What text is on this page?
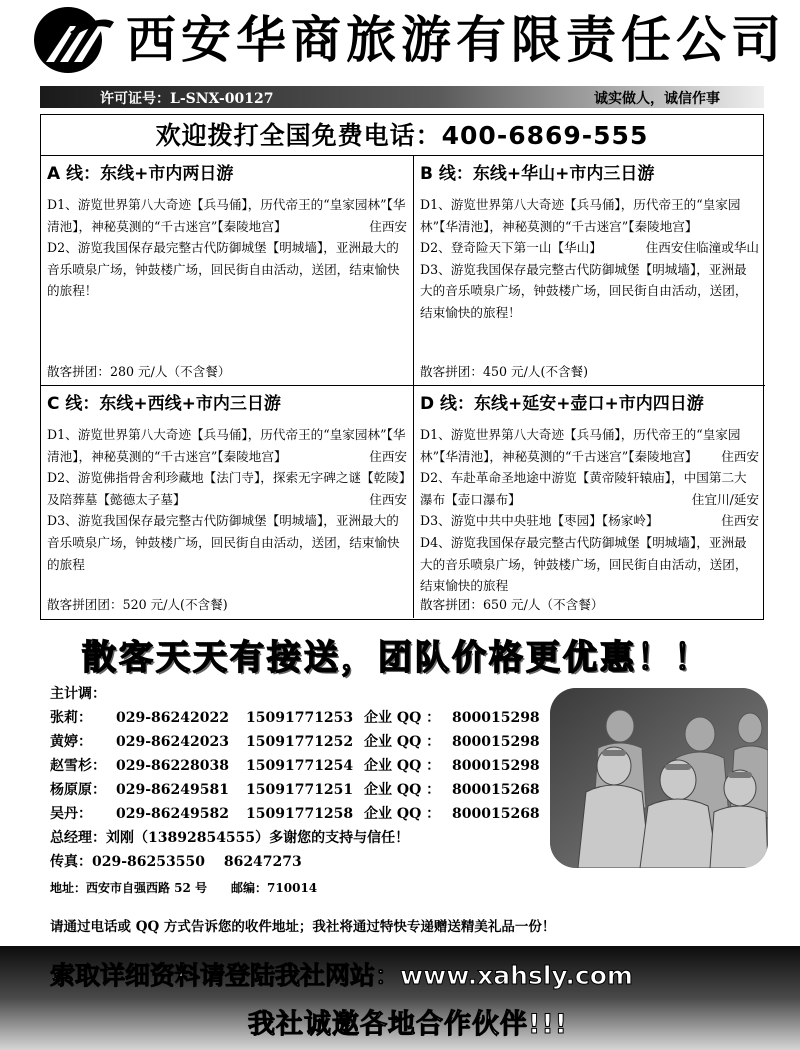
西安华商旅游有限责任公司
许可证号：L-SNX-00127	诚实做人，诚信作事
欢迎拨打全国免费电话：400-6869-555
A 线：东线+市内两日游
D1、游览世界第八大奇迹【兵马俑】，历代帝王的“皇家园林”【华清池】，神秘莫测的“千古迷宫”【秦陵地宫】	住西安
D2、游览我国保存最完整古代防御城堡【明城墙】，亚洲最大的音乐喷泉广场，钟鼓楼广场，回民街自由活动，送团，结束愉快的旅程！
散客拼团：280 元/人（不含餐）
B 线：东线+华山+市内三日游
D1、游览世界第八大奇迹【兵马俑】，历代帝王的“皇家园林”【华清池】，神秘莫测的“千古迷宫”【秦陵地宫】
住临潼或华山
D2、登奇险天下第一山【华山】	住西安
D3、游览我国保存最完整古代防御城堡【明城墙】，亚洲最大的音乐喷泉广场，钟鼓楼广场，回民街自由活动，送团，结束愉快的旅程！
散客拼团：450 元/人(不含餐)
C 线：东线+西线+市内三日游
D1、游览世界第八大奇迹【兵马俑】，历代帝王的“皇家园林”【华清池】，神秘莫测的“千古迷宫”【秦陵地宫】	住西安
D2、游览佛指骨舍利珍藏地【法门寺】，探索无字碑之谜【乾陵】及陪葬墓【懿德太子墓】	住西安
D3、游览我国保存最完整古代防御城堡【明城墙】，亚洲最大的音乐喷泉广场，钟鼓楼广场，回民街自由活动，送团，结束愉快的旅程
散客拼团团：520 元/人(不含餐)
D 线：东线+延安+壶口+市内四日游
D1、游览世界第八大奇迹【兵马俑】，历代帝王的“皇家园林”【华清池】，神秘莫测的“千古迷宫”【秦陵地宫】 住西安
D2、车赴革命圣地途中游览【黄帝陵轩辕庙】，中国第二大瀑布【壶口瀑布】	住宜川/延安
D3、游览中共中央驻地【枣园】【杨家岭】	住西安
D4、游览我国保存最完整古代防御城堡【明城墙】，亚洲最大的音乐喷泉广场，钟鼓楼广场，回民街自由活动，送团，结束愉快的旅程
散客拼团：650 元/人（不含餐）
散客天天有接送，团队价格更优惠！！
主计调：
张莉： 029-86242022 15091771253 企业 QQ ： 800015298
黄婷： 029-86242023 15091771252 企业 QQ ： 800015298
赵雪杉： 029-86228038 15091771254 企业 QQ ： 800015298
杨原原： 029-86249581 15091771251 企业 QQ ： 800015268
吴丹： 029-86249582 15091771258 企业 QQ ： 800015268
总经理：刘刚（13892854555）多谢您的支持与信任！
传真：029-86253550　 86247273
地址：西安市自强西路 52 号　　邮编：710014
请通过电话或 QQ 方式告诉您的收件地址；我社将通过特快专递赠送精美礼品一份！
索取详细资料请登陆我社网站：www.xahsly.com
我社诚邀各地合作伙伴!!!
